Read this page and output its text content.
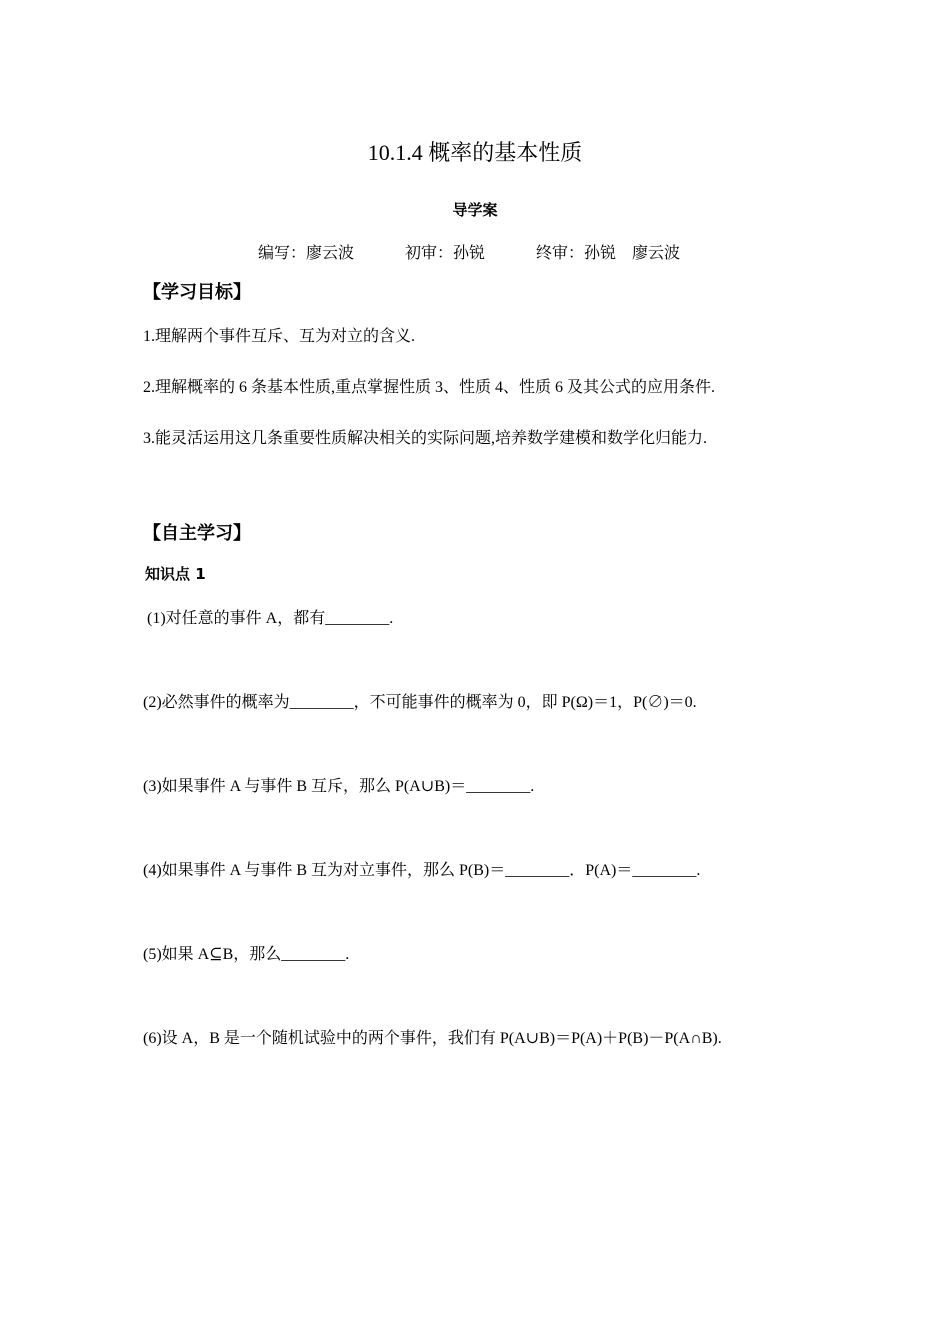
10.1.4 概率的基本性质
导学案
编写：廖云波	初审：孙锐	终审：孙锐　廖云波
【学习目标】
1.理解两个事件互斥、互为对立的含义.
2.理解概率的 6 条基本性质,重点掌握性质 3、性质 4、性质 6 及其公式的应用条件.
3.能灵活运用这几条重要性质解决相关的实际问题,培养数学建模和数学化归能力.
【自主学习】
知识点 1
(1)对任意的事件 A，都有________.
(2)必然事件的概率为________，不可能事件的概率为 0，即 P(Ω)＝1，P(∅)＝0.
(3)如果事件 A 与事件 B 互斥，那么 P(A∪B)＝________.
(4)如果事件 A 与事件 B 互为对立事件，那么 P(B)＝________．P(A)＝________.
(5)如果 A⊆B，那么________.
(6)设 A，B 是一个随机试验中的两个事件，我们有 P(A∪B)＝P(A)＋P(B)－P(A∩B).
